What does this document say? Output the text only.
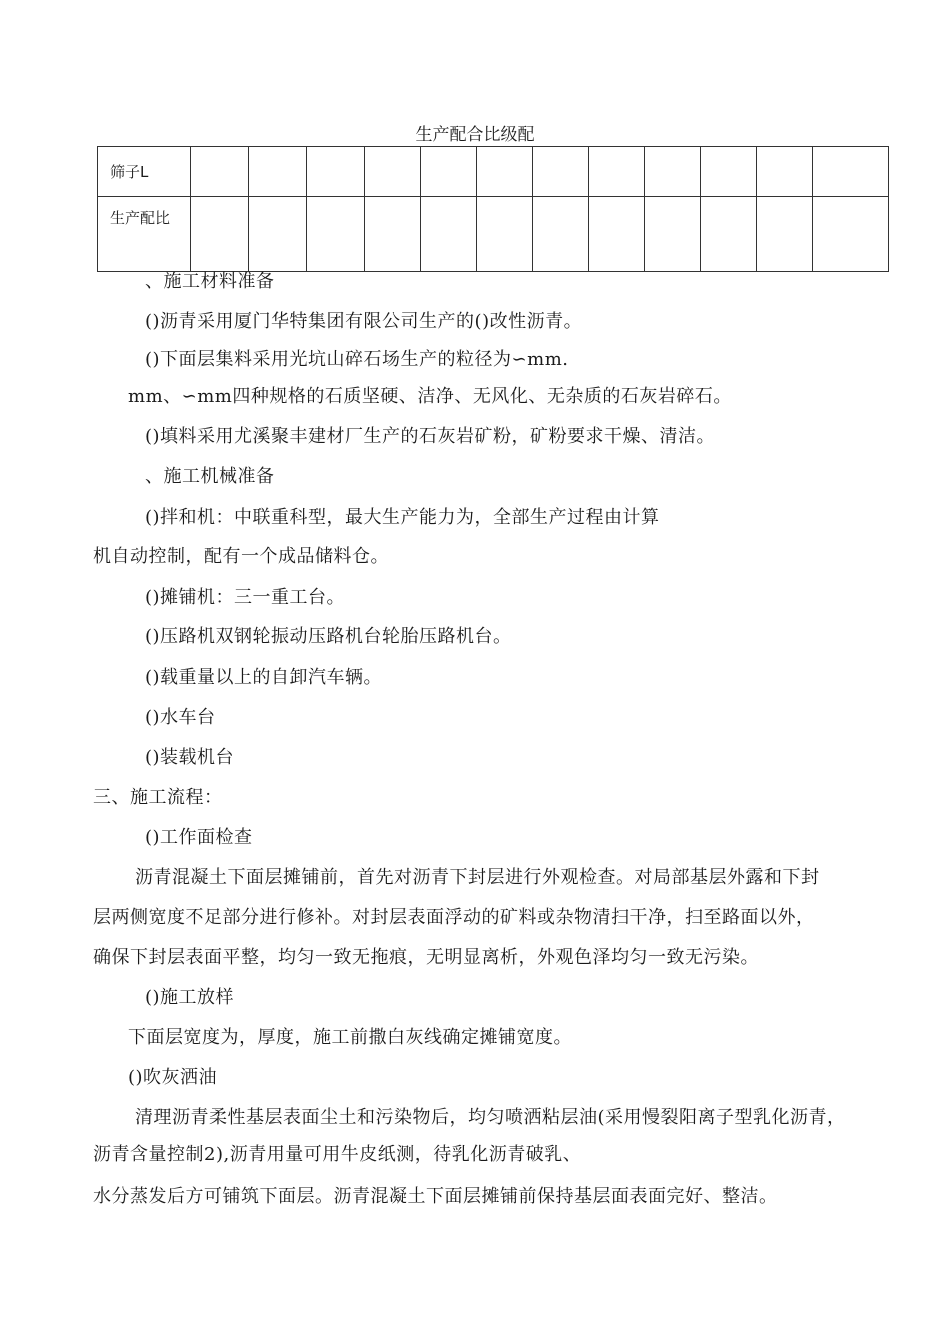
生产配合比级配
筛子L												
生产配比												
、施工材料准备
()沥青采用厦门华特集团有限公司生产的()改性沥青。
()下面层集料采用光坑山碎石场生产的粒径为∽mm.
mm、∽mm四种规格的石质坚硬、洁净、无风化、无杂质的石灰岩碎石。
()填料采用尤溪聚丰建材厂生产的石灰岩矿粉，矿粉要求干燥、清洁。
、施工机械准备
()拌和机：中联重科型，最大生产能力为，全部生产过程由计算
机自动控制，配有一个成品储料仓。
()摊铺机：三一重工台。
()压路机双钢轮振动压路机台轮胎压路机台。
()载重量以上的自卸汽车辆。
()水车台
()装载机台
三、施工流程：
()工作面检查
沥青混凝土下面层摊铺前，首先对沥青下封层进行外观检查。对局部基层外露和下封
层两侧宽度不足部分进行修补。对封层表面浮动的矿料或杂物清扫干净，扫至路面以外，
确保下封层表面平整，均匀一致无拖痕，无明显离析，外观色泽均匀一致无污染。
()施工放样
下面层宽度为，厚度，施工前撒白灰线确定摊铺宽度。
()吹灰洒油
清理沥青柔性基层表面尘土和污染物后，均匀喷洒粘层油(采用慢裂阳离子型乳化沥青，
沥青含量控制2),沥青用量可用牛皮纸测，待乳化沥青破乳、
水分蒸发后方可铺筑下面层。沥青混凝土下面层摊铺前保持基层面表面完好、整洁。
